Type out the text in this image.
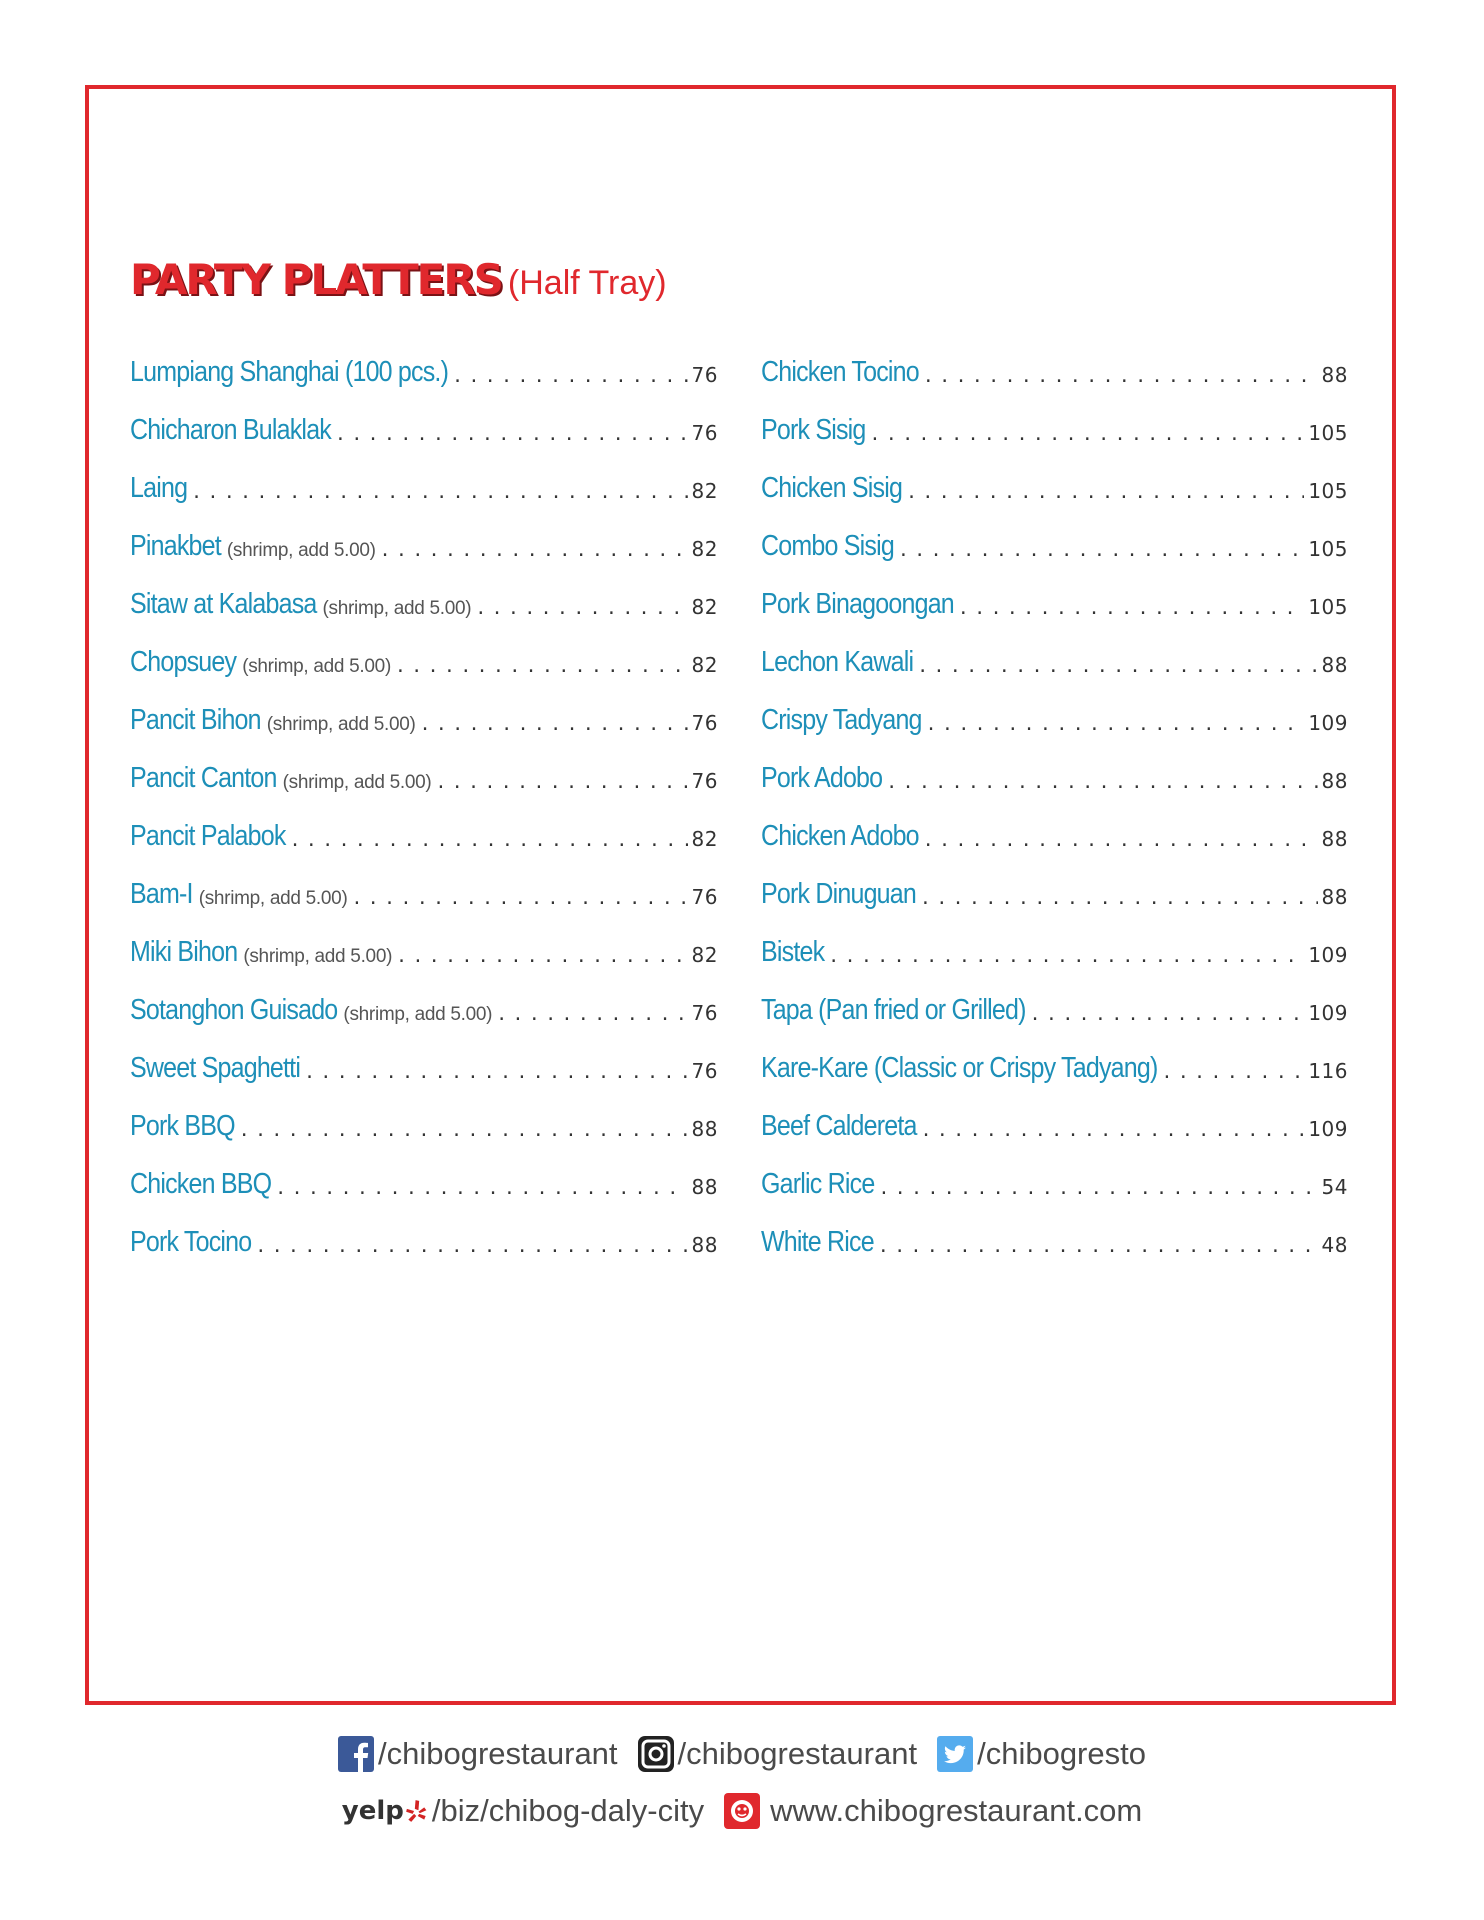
PARTY PLATTERS (Half Tray)
Lumpiang Shanghai (100 pcs.) .....	76
Chicharon Bulaklak .....	76
Laing .....	82
Pinakbet (shrimp, add 5.00) .....	82
Sitaw at Kalabasa (shrimp, add 5.00) .....	82
Chopsuey (shrimp, add 5.00) .....	82
Pancit Bihon (shrimp, add 5.00) .....	76
Pancit Canton (shrimp, add 5.00) .....	76
Pancit Palabok .....	82
Bam-I (shrimp, add 5.00) .....	76
Miki Bihon (shrimp, add 5.00) .....	82
Sotanghon Guisado (shrimp, add 5.00) .....	76
Sweet Spaghetti .....	76
Pork BBQ .....	88
Chicken BBQ .....	88
Pork Tocino .....	88
Chicken Tocino .....	88
Pork Sisig .....	105
Chicken Sisig .....	105
Combo Sisig .....	105
Pork Binagoongan .....	105
Lechon Kawali .....	88
Crispy Tadyang .....	109
Pork Adobo .....	88
Chicken Adobo .....	88
Pork Dinuguan .....	88
Bistek .....	109
Tapa (Pan fried or Grilled) .....	109
Kare-Kare (Classic or Crispy Tadyang) .....	116
Beef Caldereta .....	109
Garlic Rice .....	54
White Rice .....	48
/chibogrestaurant /chibogrestaurant /chibogresto
yelp /biz/chibog-daly-city www.chibogrestaurant.com
